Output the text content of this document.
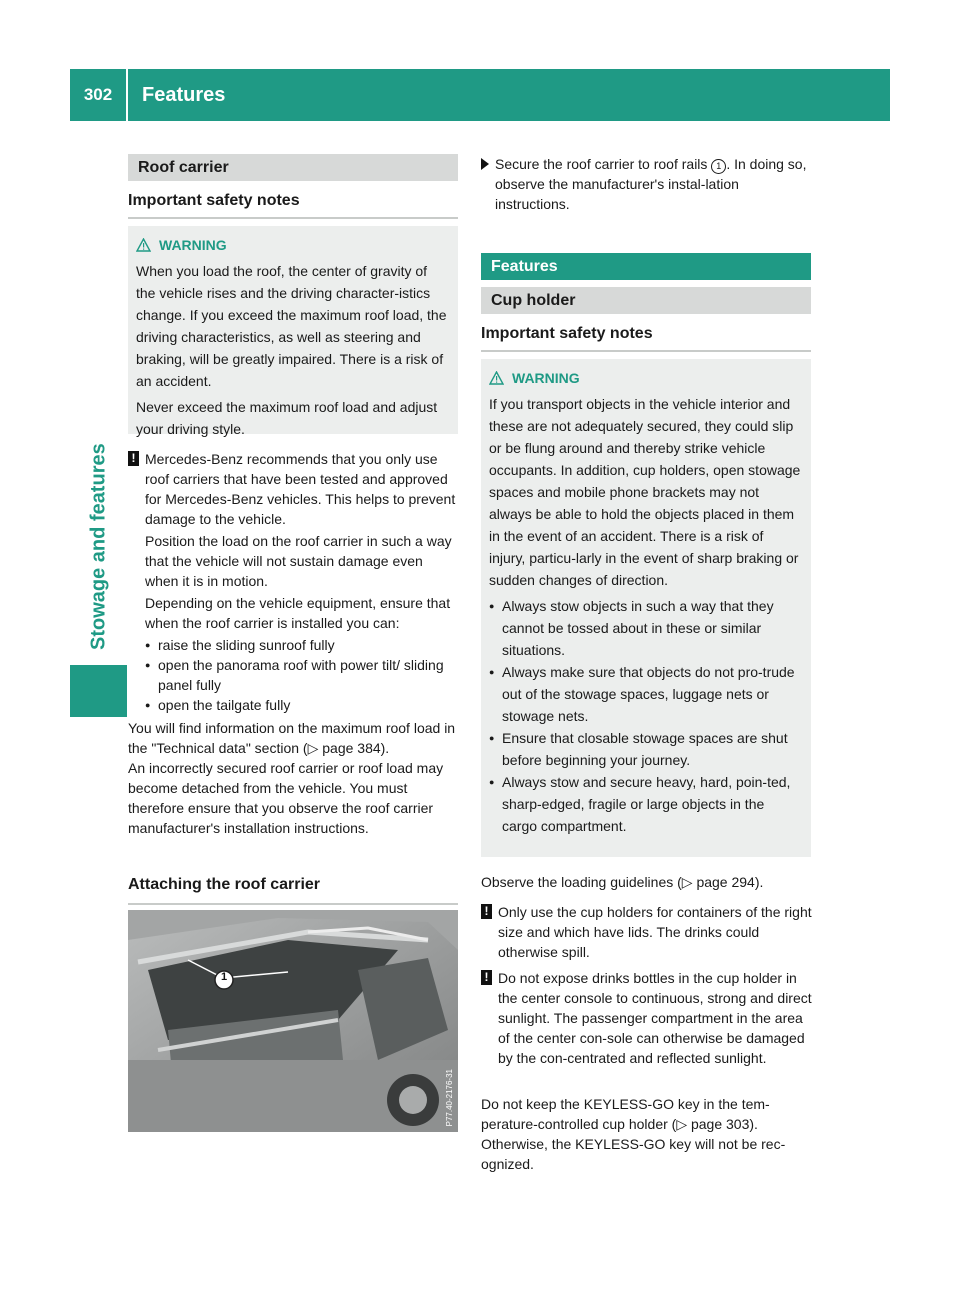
302	Features
Stowage and features
Roof carrier
Important safety notes
WARNING

When you load the roof, the center of gravity of the vehicle rises and the driving character-istics change. If you exceed the maximum roof load, the driving characteristics, as well as steering and braking, will be greatly impaired. There is a risk of an accident.

Never exceed the maximum roof load and adjust your driving style.

! Mercedes-Benz recommends that you only use roof carriers that have been tested and approved for Mercedes-Benz vehicles. This helps to prevent damage to the vehicle.

Position the load on the roof carrier in such a way that the vehicle will not sustain damage even when it is in motion.

Depending on the vehicle equipment, ensure that when the roof carrier is installed you can:

● raise the sliding sunroof fully
● open the panorama roof with power tilt/ sliding panel fully
● open the tailgate fully

You will find information on the maximum roof load in the "Technical data" section (▷ page 384).

An incorrectly secured roof carrier or roof load may become detached from the vehicle. You must therefore ensure that you observe the roof carrier manufacturer's installation instructions.

Attaching the roof carrier
1
P77.40-2176-31
Secure the roof carrier to roof rails 1 . In doing so, observe the manufacturer's instal-lation instructions.
Features
Cup holder
Important safety notes
WARNING

If you transport objects in the vehicle interior and these are not adequately secured, they could slip or be flung around and thereby strike vehicle occupants. In addition, cup holders, open stowage spaces and mobile phone brackets may not always be able to hold the objects placed in them in the event of an accident. There is a risk of injury, particu-larly in the event of sharp braking or sudden changes of direction.

● Always stow objects in such a way that they cannot be tossed about in these or similar situations.
● Always make sure that objects do not pro-trude out of the stowage spaces, luggage nets or stowage nets.
● Ensure that closable stowage spaces are shut before beginning your journey.
● Always stow and secure heavy, hard, poin-ted, sharp-edged, fragile or large objects in the cargo compartment.

Observe the loading guidelines (▷ page 294).

! Only use the cup holders for containers of the right size and which have lids. The drinks could otherwise spill.

! Do not expose drinks bottles in the cup holder in the center console to continuous, strong and direct sunlight. The passenger compartment in the area of the center con-sole can otherwise be damaged by the con-centrated and reflected sunlight.

Do not keep the KEYLESS-GO key in the tem-perature-controlled cup holder (▷ page 303). Otherwise, the KEYLESS-GO key will not be rec-ognized.
